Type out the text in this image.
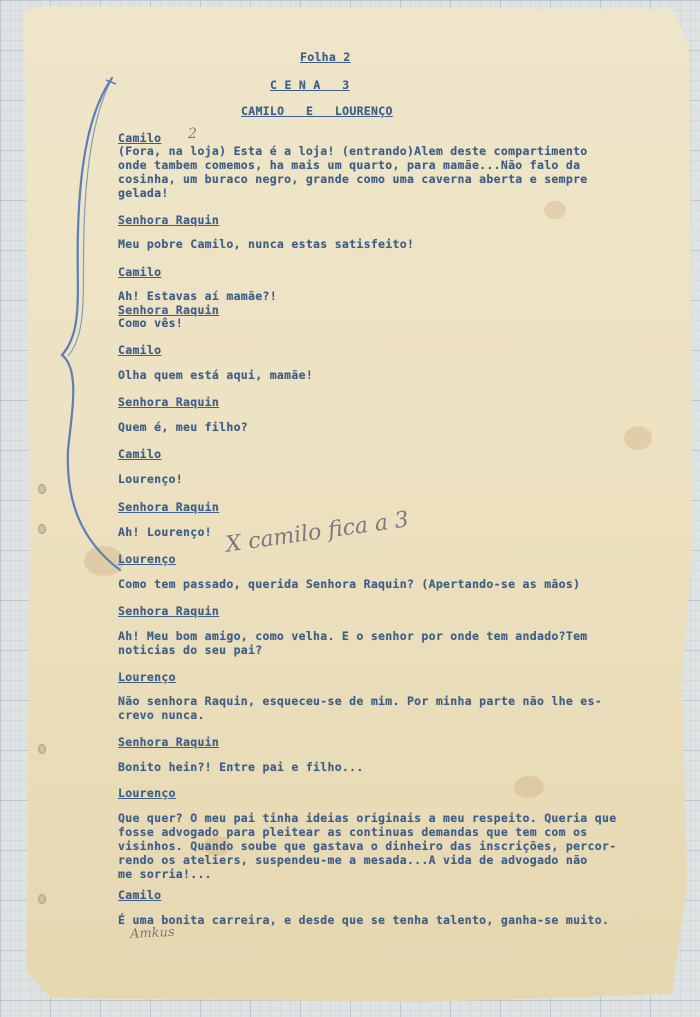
Folha 2
C E N A   3
CAMILO   E   LOURENÇO
Camilo
(Fora, na loja) Esta é a loja! (entrando)Alem deste compartimento
onde tambem comemos, ha mais um quarto, para mamãe...Não falo da
cosinha, um buraco negro, grande como uma caverna aberta e sempre
gelada!
Senhora Raquin
Meu pobre Camilo, nunca estas satisfeito!
Camilo
Ah! Estavas aí mamãe?!
Senhora Raquin
Como vês!
Camilo
Olha quem está aqui, mamãe!
Senhora Raquin
Quem é, meu filho?
Camilo
Lourenço!
Senhora Raquin
Ah! Lourenço!
Lourenço
Como tem passado, querida Senhora Raquin? (Apertando-se as mãos)
Senhora Raquin
Ah! Meu bom amigo, como velha. E o senhor por onde tem andado?Tem
noticias do seu pai?
Lourenço
Não senhora Raquin, esqueceu-se de mim. Por minha parte não lhe es-
crevo nunca.
Senhora Raquin
Bonito hein?! Entre pai e filho...
Lourenço
Que quer? O meu pai tinha ideias originais a meu respeito. Queria que
fosse advogado para pleitear as continuas demandas que tem com os
visinhos. Quando soube que gastava o dinheiro das inscrições, percor-
rendo os ateliers, suspendeu-me a mesada...A vida de advogado não
me sorria!...
Camilo
É uma bonita carreira, e desde que se tenha talento, ganha-se muito.
2
X camilo fica a 3
Amkus
